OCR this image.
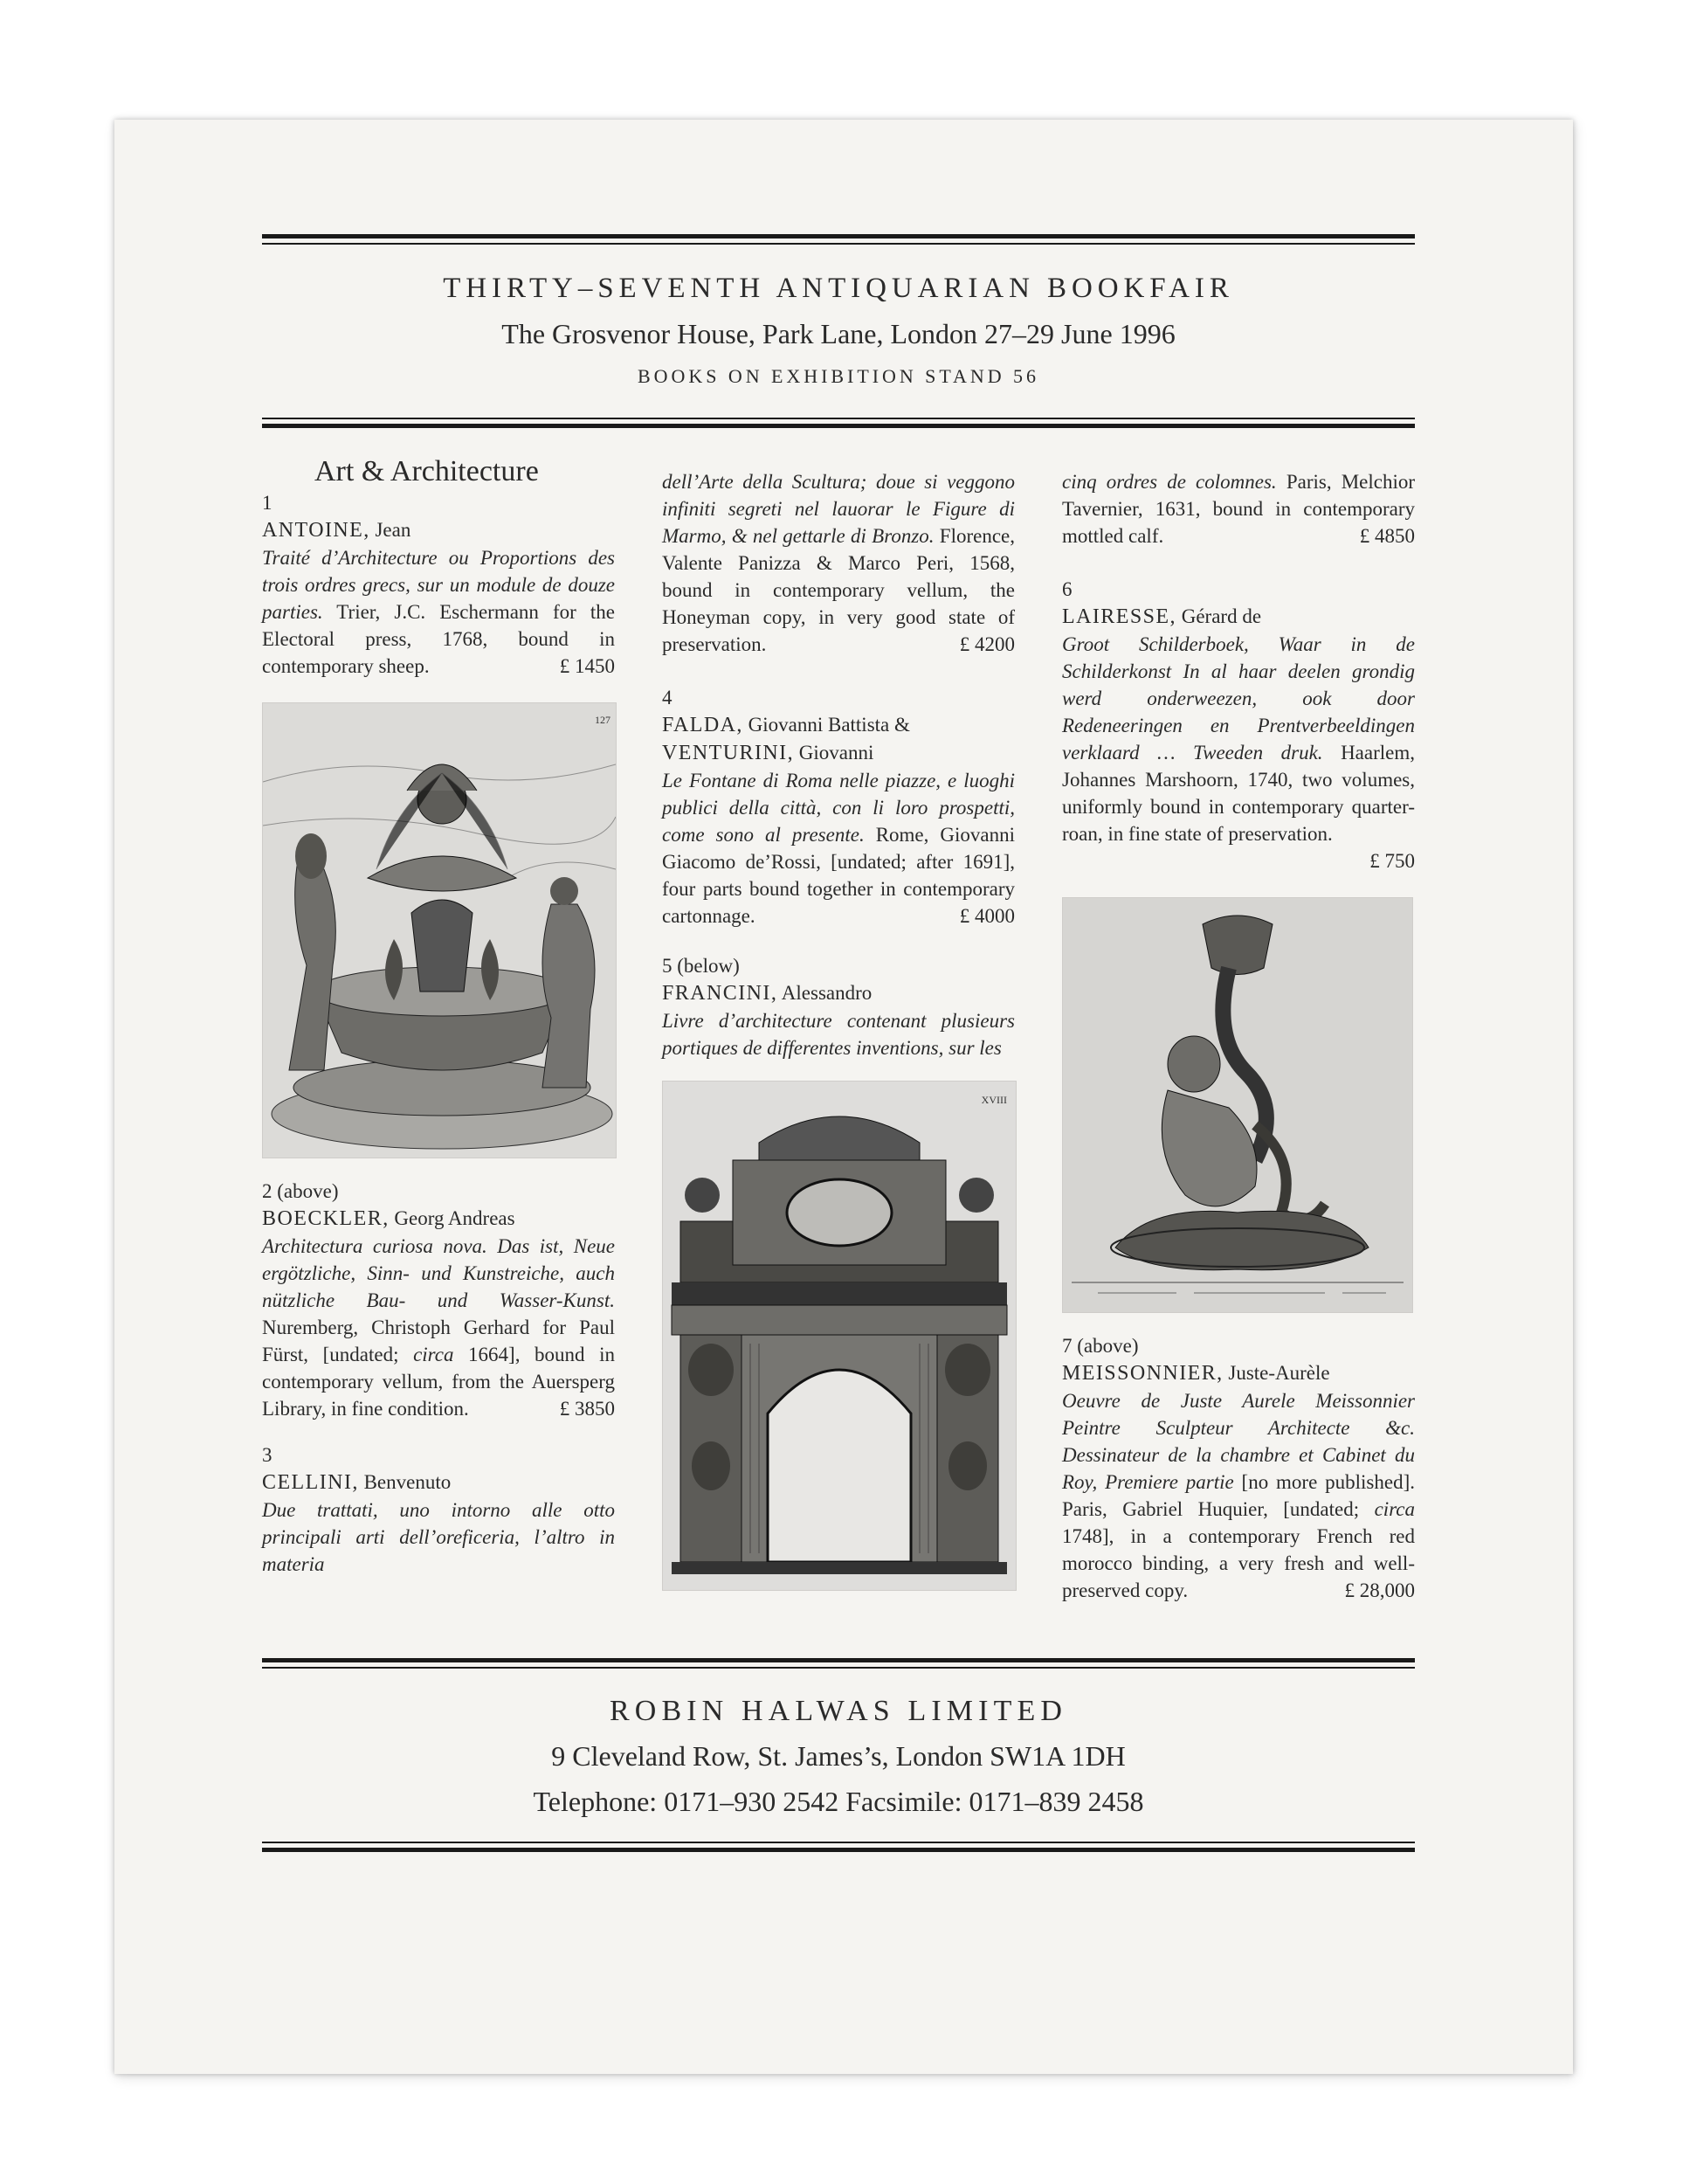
THIRTY–SEVENTH ANTIQUARIAN BOOKFAIR
The Grosvenor House, Park Lane, London 27–29 June 1996
BOOKS ON EXHIBITION STAND 56

Art & Architecture

1

ANTOINE, Jean

Traité d’Architecture ou Proportions des trois ordres grecs, sur un module de douze parties. Trier, J.C. Eschermann for the Electoral press, 1768, bound in contemporary sheep.	£ 1450

127

2 (above)

BOECKLER, Georg Andreas

Architectura curiosa nova. Das ist, Neue ergötzliche, Sinn- und Kunstreiche, auch nützliche Bau- und Wasser-Kunst. Nuremberg, Christoph Gerhard for Paul Fürst, [undated; circa 1664], bound in contemporary vellum, from the Auersperg Library, in fine condition.	£ 3850

3

CELLINI, Benvenuto

Due trattati, uno intorno alle otto principali arti dell’oreficeria, l’altro in materia

dell’Arte della Scultura; doue si veggono infiniti segreti nel lauorar le Figure di Marmo, & nel gettarle di Bronzo. Florence, Valente Panizza & Marco Peri, 1568, bound in contemporary vellum, the Honeyman copy, in very good state of preservation.	£ 4200

4

FALDA, Giovanni Battista &

VENTURINI, Giovanni

Le Fontane di Roma nelle piazze, e luoghi publici della città, con li loro prospetti, come sono al presente. Rome, Giovanni Giacomo de’Rossi, [undated; after 1691], four parts bound together in contemporary cartonnage.	£ 4000

5 (below)

FRANCINI, Alessandro

Livre d’architecture contenant plusieurs portiques de differentes inventions, sur les

XVIII

cinq ordres de colomnes. Paris, Melchior Tavernier, 1631, bound in contemporary mottled calf.	£ 4850

6

LAIRESSE, Gérard de

Groot Schilderboek, Waar in de Schilderkonst In al haar deelen grondig werd onderweezen, ook door Redeneeringen en Prentverbeeldingen verklaard … Tweeden druk. Haarlem, Johannes Marshoorn, 1740, two volumes, uniformly bound in contemporary quarter-roan, in fine state of preservation.

£ 750

7 (above)

MEISSONNIER, Juste-Aurèle

Oeuvre de Juste Aurele Meissonnier Peintre Sculpteur Architecte &c. Dessinateur de la chambre et Cabinet du Roy, Premiere partie [no more published]. Paris, Gabriel Huquier, [undated; circa 1748], in a contemporary French red morocco binding, a very fresh and well-preserved copy.	£ 28,000

ROBIN HALWAS LIMITED
9 Cleveland Row, St. James’s, London SW1A 1DH
Telephone: 0171–930 2542 Facsimile: 0171–839 2458
